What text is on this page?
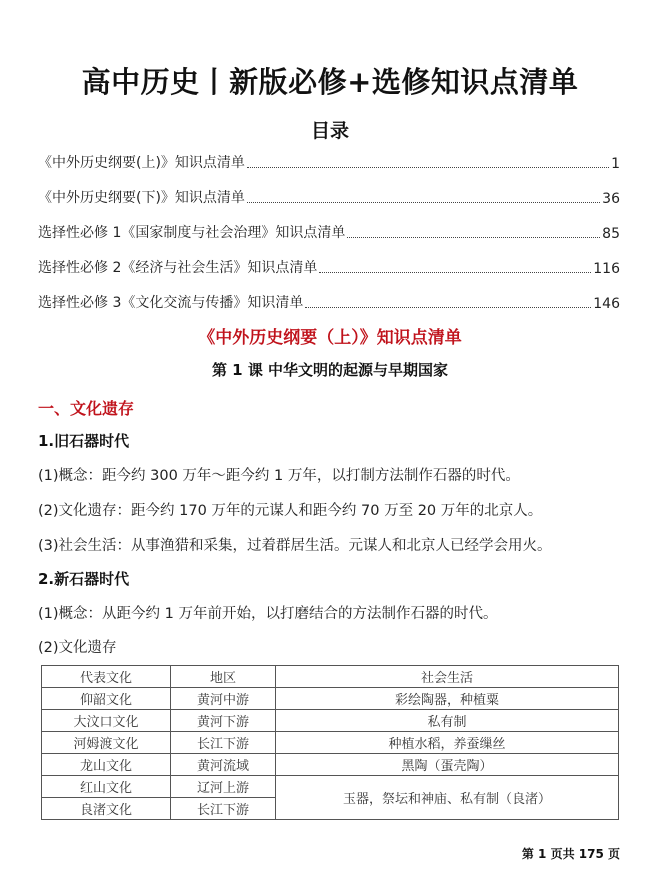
高中历史丨新版必修+选修知识点清单
目录
《中外历史纲要(上)》知识点清单	1
《中外历史纲要(下)》知识点清单	36
选择性必修 1《国家制度与社会治理》知识点清单	85
选择性必修 2《经济与社会生活》知识点清单	116
选择性必修 3《文化交流与传播》知识清单	146
《中外历史纲要（上）》知识点清单
第 1 课 中华文明的起源与早期国家
一、文化遗存
1.旧石器时代
(1)概念：距今约 300 万年～距今约 1 万年，以打制方法制作石器的时代。
(2)文化遗存：距今约 170 万年的元谋人和距今约 70 万至 20 万年的北京人。
(3)社会生活：从事渔猎和采集，过着群居生活。元谋人和北京人已经学会用火。
2.新石器时代
(1)概念：从距今约 1 万年前开始，以打磨结合的方法制作石器的时代。
(2)文化遗存
代表文化	地区	社会生活
仰韶文化	黄河中游	彩绘陶器，种植粟
大汶口文化	黄河下游	私有制
河姆渡文化	长江下游	种植水稻，养蚕缫丝
龙山文化	黄河流域	黑陶（蛋壳陶）
红山文化	辽河上游	玉器，祭坛和神庙、私有制（良渚）
良渚文化	长江下游	
第 1 页共 175 页
